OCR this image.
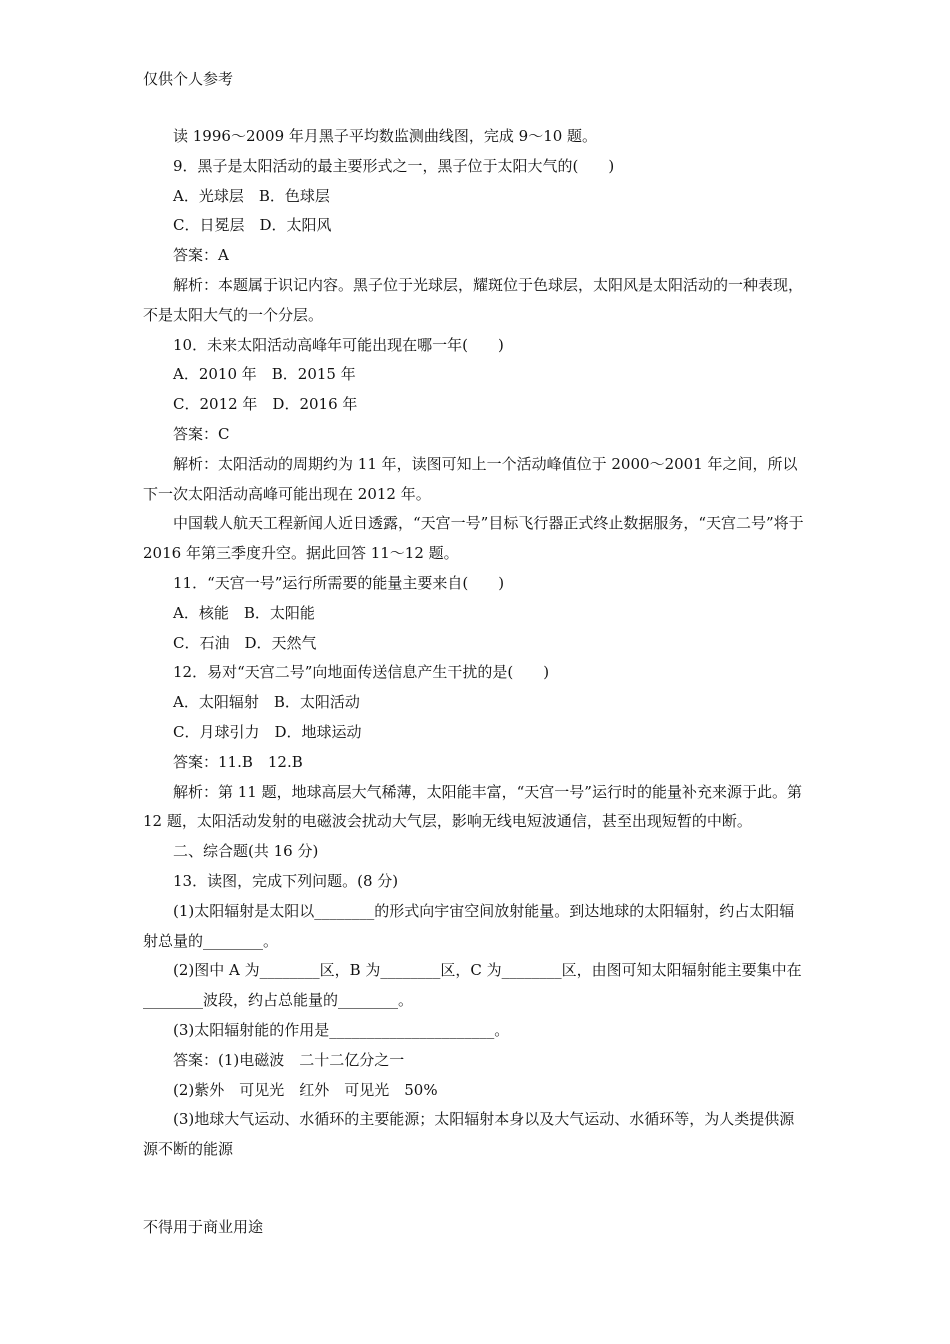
仅供个人参考

读 1996～2009 年月黑子平均数监测曲线图，完成 9～10 题。

9．黑子是太阳活动的最主要形式之一，黑子位于太阳大气的(　　)

A．光球层　B．色球层

C．日冕层　D．太阳风

答案：A

解析：本题属于识记内容。黑子位于光球层，耀斑位于色球层，太阳风是太阳活动的一种表现，不是太阳大气的一个分层。

10．未来太阳活动高峰年可能出现在哪一年(　　)

A．2010 年　B．2015 年

C．2012 年　D．2016 年

答案：C

解析：太阳活动的周期约为 11 年，读图可知上一个活动峰值位于 2000～2001 年之间，所以下一次太阳活动高峰可能出现在 2012 年。

中国载人航天工程新闻人近日透露，“天宫一号”目标飞行器正式终止数据服务，“天宫二号”将于 2016 年第三季度升空。据此回答 11～12 题。

11．“天宫一号”运行所需要的能量主要来自(　　)

A．核能　B．太阳能

C．石油　D．天然气

12．易对“天宫二号”向地面传送信息产生干扰的是(　　)

A．太阳辐射　B．太阳活动

C．月球引力　D．地球运动

答案：11.B　12.B

解析：第 11 题，地球高层大气稀薄，太阳能丰富，“天宫一号”运行时的能量补充来源于此。第 12 题，太阳活动发射的电磁波会扰动大气层，影响无线电短波通信，甚至出现短暂的中断。

二、综合题(共 16 分)

13．读图，完成下列问题。(8 分)

(1)太阳辐射是太阳以________的形式向宇宙空间放射能量。到达地球的太阳辐射，约占太阳辐射总量的________。

(2)图中 A 为________区，B 为________区，C 为________区，由图可知太阳辐射能主要集中在________波段，约占总能量的________。

(3)太阳辐射能的作用是______________________。

答案：(1)电磁波　二十二亿分之一

(2)紫外　可见光　红外　可见光　50%

(3)地球大气运动、水循环的主要能源；太阳辐射本身以及大气运动、水循环等，为人类提供源源不断的能源

不得用于商业用途
